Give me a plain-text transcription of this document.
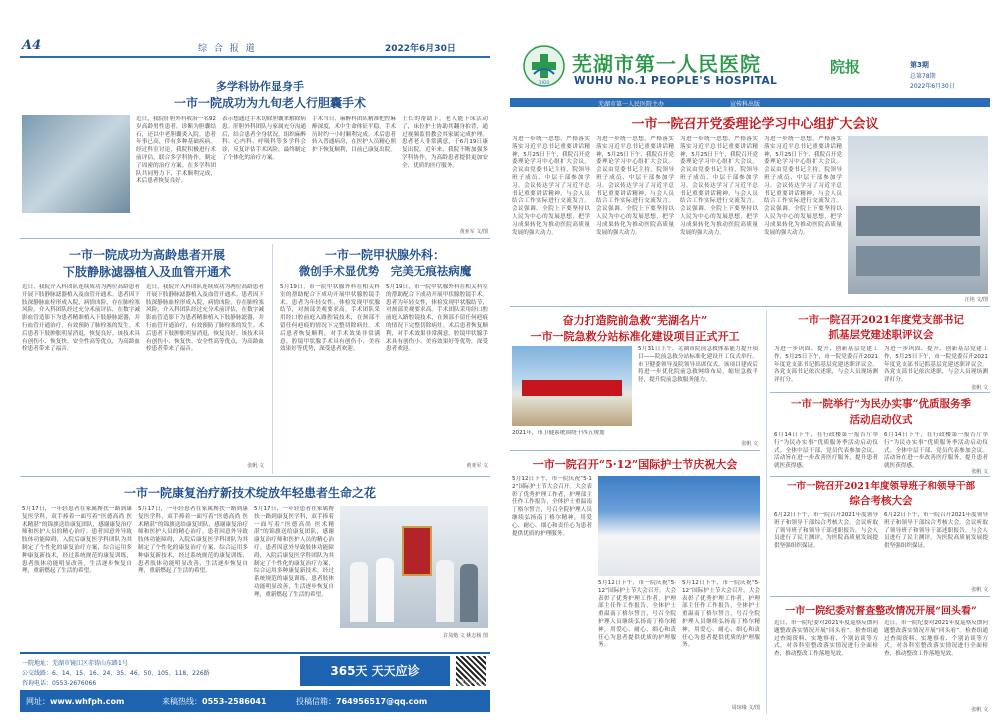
A4	综 合 报 道	2022年6月30日
多学科协作显身手
一市一院成功为九旬老人行胆囊手术
近日，我院肝胆外科收治一名92岁高龄男性患者，诊断为胆囊结石，还以中老胆囊炎入院。患者年事已高，伴有多种基础疾病。经过科室讨论，我院积极进行术前评估，联合多学科协作，制定了周密的治疗方案。在多学科团队共同努力下，手术顺利完成，术后患者恢复良好。
表示想通过手术切除胆囊来解除病患。肝胆外科团队与家属充分沟通后，结合患者全身状况，组织麻醉科、心内科、呼吸科等多学科会诊，反复评估手术风险，最终制定了个体化的治疗方案。
手术当日，麻醉科团队精准把控麻醉深度，术中生命体征平稳，手术历时约一小时顺利完成。术后患者转入普通病房，在医护人员精心照护下恢复顺利，目前已康复出院。
士长的帮助下，老人能下床活动了，床位护士协助其翻身拍背，通过视频监督教会其家属完成护理。患者老人非常满意，于6月19日康复出院。近年来，我院不断加强多学科协作，为高龄患者提供更加安全、优质的医疗服务。
黄亚军 文/图
一市一院成功为高龄患者开展
下肢静脉滤器植入及血管开通术
近日，我院介入科团队连续成功为两位高龄患者开展下肢静脉滤器植入及血管开通术。患者因下肢深静脉血栓形成入院，病情凶险，存在肺栓塞风险。介入科团队经过充分术前评估，在数字减影血管造影下为患者精准植入下肢静脉滤器，并行血管开通治疗，有效预防了肺栓塞的发生。术后患者下肢肿胀明显消退，恢复良好。该技术具有创伤小、恢复快、安全性高等优点，为高龄血栓患者带来了福音。
近日，我院介入科团队连续成功为两位高龄患者开展下肢静脉滤器植入及血管开通术。患者因下肢深静脉血栓形成入院，病情凶险，存在肺栓塞风险。介入科团队经过充分术前评估，在数字减影血管造影下为患者精准植入下肢静脉滤器，并行血管开通治疗，有效预防了肺栓塞的发生。术后患者下肢肿胀明显消退，恢复良好。该技术具有创伤小、恢复快、安全性高等优点，为高龄血栓患者带来了福音。
张帆 文
一市一院甲状腺外科：
微创手术显优势　完美无痕祛病魔
5月19日，市一院甲状腺外科在相关科室的帮助配合下成功开展甲状腺腔镜手术。患者为年轻女性，体检发现甲状腺结节，对颈部美观要求高。手术团队采用经口腔前庭入路腔镜技术，在颈部不留任何疤痕的情况下完整切除病灶。术后患者恢复顺利，对手术效果非常满意。腔镜甲状腺手术具有创伤小、美容效果好等优势，深受患者欢迎。
5月19日，市一院甲状腺外科在相关科室的帮助配合下成功开展甲状腺腔镜手术。患者为年轻女性，体检发现甲状腺结节，对颈部美观要求高。手术团队采用经口腔前庭入路腔镜技术，在颈部不留任何疤痕的情况下完整切除病灶。术后患者恢复顺利，对手术效果非常满意。腔镜甲状腺手术具有创伤小、美容效果好等优势，深受患者欢迎。
黄亚军 文
一市一院康复治疗新技术绽放年轻患者生命之花
5月17日，一年轻患者在家属搀扶一路到康复医学科，双手捧着一面写着“医德高尚 医术精湛”的锦旗送给康复团队，感谢康复治疗师和医护人员的精心治疗。患者因意外导致肢体功能障碍，入院后康复医学科团队为其制定了个性化的康复治疗方案，综合运用多种康复新技术，经过系统规范的康复训练，患者肢体功能明显改善，生活逐步恢复自理，重新燃起了生活的希望。
5月17日，一年轻患者在家属搀扶一路到康复医学科，双手捧着一面写着“医德高尚 医术精湛”的锦旗送给康复团队，感谢康复治疗师和医护人员的精心治疗。患者因意外导致肢体功能障碍，入院后康复医学科团队为其制定了个性化的康复治疗方案，综合运用多种康复新技术，经过系统规范的康复训练，患者肢体功能明显改善，生活逐步恢复自理，重新燃起了生活的希望。
5月17日，一年轻患者在家属搀扶一路到康复医学科，双手捧着一面写着“医德高尚 医术精湛”的锦旗送给康复团队，感谢康复治疗师和医护人员的精心治疗。患者因意外导致肢体功能障碍，入院后康复医学科团队为其制定了个性化的康复治疗方案，综合运用多种康复新技术，经过系统规范的康复训练，患者肢体功能明显改善，生活逐步恢复自理，重新燃起了生活的希望。
许凤勉 文 姚志杨 图
一院地址：芜湖市镜江区赤铸山东路1号
公交线路：6、14、15、16、24、35、46、50、105、118、226路
咨询电话：0553-2676066
365天 天天应诊
网址：www.whfph.com	来稿热线：0553-2586041	投稿信箱：764956517@qq.com
微信公众号
芜湖市第一人民医院
1920
芜湖市第一人民医院
WUHU No.1 PEOPLE'S HOSPITAL
院报	第3期
总第78期
2022年6月30日
芜湖市第一人民医院主办	宣传科出版
一市一院召开党委理论学习中心组扩大会议
为进一步统一思想，严格落实落实习近平总书记重要讲话精神，5月25日下午，我院召开党委理论学习中心组扩大会议。会议由党委书记主持，院领导班子成员、中层干部参加学习。会议传达学习了习近平总书记重要讲话精神，与会人员结合工作实际进行交流发言。会议强调，全院上下要坚持以人民为中心的发展思想，把学习成果转化为推动医院高质量发展的强大动力。
为进一步统一思想，严格落实落实习近平总书记重要讲话精神，5月25日下午，我院召开党委理论学习中心组扩大会议。会议由党委书记主持，院领导班子成员、中层干部参加学习。会议传达学习了习近平总书记重要讲话精神，与会人员结合工作实际进行交流发言。会议强调，全院上下要坚持以人民为中心的发展思想，把学习成果转化为推动医院高质量发展的强大动力。
为进一步统一思想，严格落实落实习近平总书记重要讲话精神，5月25日下午，我院召开党委理论学习中心组扩大会议。会议由党委书记主持，院领导班子成员、中层干部参加学习。会议传达学习了习近平总书记重要讲话精神，与会人员结合工作实际进行交流发言。会议强调，全院上下要坚持以人民为中心的发展思想，把学习成果转化为推动医院高质量发展的强大动力。
为进一步统一思想，严格落实落实习近平总书记重要讲话精神，5月25日下午，我院召开党委理论学习中心组扩大会议。会议由党委书记主持，院领导班子成员、中层干部参加学习。会议传达学习了习近平总书记重要讲话精神，与会人员结合工作实际进行交流发言。会议强调，全院上下要坚持以人民为中心的发展思想，把学习成果转化为推动医院高质量发展的强大动力。
汪艳 文/图
奋力打造院前急救“芜湖名片”
一市一院急救分站标准化建设项目正式开工
5月31日上午，芜湖市院前急救体系能力提升项目——院前急救分站标准化建设开工仪式举行。市卫健委领导及院领导出席仪式。该项目建成后将进一步优化院前急救网络布局，缩短急救半径，提升院前急救服务能力。
2021年，市卫健系统围绕十四五规划
张帆 文
一市一院召开“5·12”国际护士节庆祝大会
5月12日下午，市一院庆祝“5·12”国际护士节大会召开。大会表彰了优秀护理工作者，护理部主任作工作报告，全体护士重温南丁格尔誓言，号召全院护理人员继续弘扬南丁格尔精神，用爱心、耐心、细心和责任心为患者提供优质的护理服务。
5月12日下午，市一院庆祝“5·12”国际护士节大会召开。大会表彰了优秀护理工作者，护理部主任作工作报告，全体护士重温南丁格尔誓言，号召全院护理人员继续弘扬南丁格尔精神，用爱心、耐心、细心和责任心为患者提供优质的护理服务。
5月12日下午，市一院庆祝“5·12”国际护士节大会召开。大会表彰了优秀护理工作者，护理部主任作工作报告，全体护士重温南丁格尔誓言，号召全院护理人员继续弘扬南丁格尔精神，用爱心、耐心、细心和责任心为患者提供优质的护理服务。
周琼缘 文/图
一市一院召开2021年度党支部书记
抓基层党建述职评议会
为进一步巩固、提升、创新基层党建工作，5月25日下午，市一院党委召开2021年度党支部书记抓基层党建述职评议会。各党支部书记依次述职，与会人员现场测评打分。
为进一步巩固、提升、创新基层党建工作，5月25日下午，市一院党委召开2021年度党支部书记抓基层党建述职评议会。各党支部书记依次述职，与会人员现场测评打分。
张帆 文
一市一院举行“为民办实事”优质服务季
活动启动仪式
6月14日下午，在行政楼第一报告厅举行“为民办实事”优质服务季活动启动仪式。全体中层干部、党员代表参加会议。活动旨在进一步改善医疗服务，提升患者就医获得感。
6月14日下午，在行政楼第一报告厅举行“为民办实事”优质服务季活动启动仪式。全体中层干部、党员代表参加会议。活动旨在进一步改善医疗服务，提升患者就医获得感。
张帆 文
一市一院召开2021年度领导班子和领导干部
综合考核大会
6月22日下午，市一院召开2021年度领导班子和领导干部综合考核大会。会议听取了领导班子和领导干部述职报告，与会人员进行了民主测评，为医院高质量发展提供坚强组织保证。
6月22日下午，市一院召开2021年度领导班子和领导干部综合考核大会。会议听取了领导班子和领导干部述职报告，与会人员进行了民主测评，为医院高质量发展提供坚强组织保证。
张帆 文
一市一院纪委对督查整改情况开展“回头看”
近日，市一院纪委对2021年度巡察反馈问题整改落实情况开展“回头看”。检查组通过查阅资料、实地察看、个别访谈等方式，对各科室整改落实情况进行全面检查，推动整改工作落地见效。
近日，市一院纪委对2021年度巡察反馈问题整改落实情况开展“回头看”。检查组通过查阅资料、实地察看、个别访谈等方式，对各科室整改落实情况进行全面检查，推动整改工作落地见效。
张帆 文
